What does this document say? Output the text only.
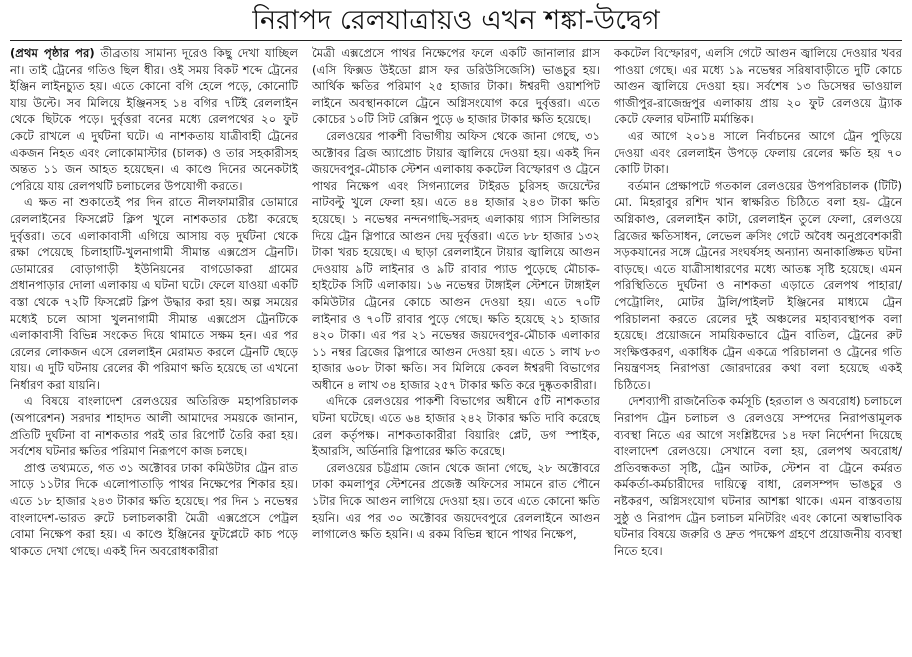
নিরাপদ রেলযাত্রায়ও এখন শঙ্কা-উদ্বেগ

(প্রথম পৃষ্ঠার পর) তীব্রতায় সামান্য দূরেও কিছু দেখা যাচ্ছিল না। তাই ট্রেনের গতিও ছিল ধীর। ওই সময় বিকট শব্দে ট্রেনের ইঞ্জিন লাইনচ্যুত হয়। এতে কোনো বগি হেলে পড়ে, কোনোটি যায় উল্টে। সব মিলিয়ে ইঞ্জিনসহ ১৪ বগির ৭টিই রেললাইন থেকে ছিটকে পড়ে। দুর্বৃত্তরা বনের মধ্যে রেলপথের ২০ ফুট কেটে রাখলে এ দুর্ঘটনা ঘটে। এ নাশকতায় যাত্রীবাহী ট্রেনের একজন নিহত এবং লোকোমাস্টার (চালক) ও তার সহকারীসহ অন্তত ১১ জন আহত হয়েছেন। এ কাণ্ডে দিনের অনেকটাই পেরিয়ে যায় রেলপথটি চলাচলের উপযোগী করতে।

এ ক্ষত না শুকাতেই পর দিন রাতে নীলফামারীর ডোমারে রেললাইনের ফিসপ্লেট ক্লিপ খুলে নাশকতার চেষ্টা করেছে দুর্বৃত্তরা। তবে এলাকাবাসী এগিয়ে আসায় বড় দুর্ঘটনা থেকে রক্ষা পেয়েছে চিলাহাটি-খুলনাগামী সীমান্ত এক্সপ্রেস ট্রেনটি। ডোমারের বোড়াগাড়ী ইউনিয়নের বাগডোকরা গ্রামের প্রধানপাড়ার দোলা এলাকায় এ ঘটনা ঘটে। ফেলে যাওয়া একটি বস্তা থেকে ৭২টি ফিসপ্লেট ক্লিপ উদ্ধার করা হয়। অল্প সময়ের মধ্যেই চলে আসা খুলনাগামী সীমান্ত এক্সপ্রেস ট্রেনটিকে এলাকাবাসী বিভিন্ন সংকেত দিয়ে থামাতে সক্ষম হন। এর পর রেলের লোকজন এসে রেললাইন মেরামত করলে ট্রেনটি ছেড়ে যায়। এ দুটি ঘটনায় রেলের কী পরিমাণ ক্ষতি হয়েছে তা এখনো নির্ধারণ করা যায়নি।

এ বিষয়ে বাংলাদেশ রেলওয়ের অতিরিক্ত মহাপরিচালক (অপারেশন) সরদার শাহাদত আলী আমাদের সময়কে জানান, প্রতিটি দুর্ঘটনা বা নাশকতার পরই তার রিপোর্ট তৈরি করা হয়। সর্বশেষ ঘটনার ক্ষতির পরিমাণ নিরূপণে কাজ চলছে।

প্রাপ্ত তথ্যমতে, গত ৩১ অক্টোবর ঢাকা কমিউটার ট্রেন রাত সাড়ে ১১টার দিকে এলোপাতাড়ি পাথর নিক্ষেপের শিকার হয়। এতে ১৮ হাজার ২৪৩ টাকার ক্ষতি হয়েছে। পর দিন ১ নভেম্বর বাংলাদেশ-ভারত রুটে চলাচলকারী মৈত্রী এক্সপ্রেসে পেট্রল বোমা নিক্ষেপ করা হয়। এ কাণ্ডে ইঞ্জিনের ফুটপ্লেটে কাচ পড়ে থাকতে দেখা গেছে। একই দিন অবরোধকারীরা

মৈত্রী এক্সপ্রেসে পাথর নিক্ষেপের ফলে একটি জানালার গ্লাস (এসি ফিক্সড উইডো গ্লাস ফর ডরিউসিজেসি) ভাঙচুর হয়। আর্থিক ক্ষতির পরিমাণ ২৫ হাজার টাকা। ঈশ্বরদী ওয়াশপিট লাইনে অবস্থানকালে ট্রেনে অগ্নিসংযোগ করে দুর্বৃত্তরা। এতে কোচের ১০টি সিট রেক্সিন পুড়ে ৬ হাজার টাকার ক্ষতি হয়েছে।

রেলওয়ের পাকশী বিভাগীয় অফিস থেকে জানা গেছে, ৩১ অক্টোবর ব্রিজ অ্যাপ্রোচ টায়ার জ্বালিয়ে দেওয়া হয়। একই দিন জয়দেবপুর-মৌচাক স্টেশন এলাকায় ককটেল বিস্ফোরণ ও ট্রেনে পাথর নিক্ষেপ এবং সিগন্যালের টাইরড চুরিসহ জয়েন্টের নাটবল্টু খুলে ফেলা হয়। এতে ৪৪ হাজার ২৪৩ টাকা ক্ষতি হয়েছে। ১ নভেম্বর নন্দনগাছি-সরদহ এলাকায় গ্যাস সিলিন্ডার দিয়ে ট্রেন স্লিপারে আগুন দেয় দুর্বৃত্তরা। এতে ৮৮ হাজার ১৩২ টাকা খরচ হয়েছে। এ ছাড়া রেললাইনে টায়ার জ্বালিয়ে আগুন দেওয়ায় ৯টি লাইনার ও ৯টি রাবার প্যাড পুড়েছে মৌচাক-হাইটেক সিটি এলাকায়। ১৬ নভেম্বর টাঙ্গাইল স্টেশনে টাঙ্গাইল কমিউটার ট্রেনের কোচে আগুন দেওয়া হয়। এতে ৭০টি লাইনার ও ৭০টি রাবার পুড়ে গেছে। ক্ষতি হয়েছে ২১ হাজার ৪২০ টাকা। এর পর ২১ নভেম্বর জয়দেবপুর-মৌচাক এলাকার ১১ নম্বর ব্রিজের স্লিপারে আগুন দেওয়া হয়। এতে ১ লাখ ৮৩ হাজার ৬০৮ টাকা ক্ষতি। সব মিলিয়ে কেবল ঈশ্বরদী বিভাগের অধীনে ৪ লাখ ৩৪ হাজার ২৫৭ টাকার ক্ষতি করে দুষ্কৃতকারীরা।

এদিকে রেলওয়ের পাকশী বিভাগের অধীনে ৫টি নাশকতার ঘটনা ঘটেছে। এতে ৬৪ হাজার ২৪২ টাকার ক্ষতি দাবি করেছে রেল কর্তৃপক্ষ। নাশকতাকারীরা বিয়ারিং প্লেট, ডগ স্পাইক, ইআরসি, অর্ডিনারি স্লিপারের ক্ষতি করেছে।

রেলওয়ের চট্টগ্রাম জোন থেকে জানা গেছে, ২৮ অক্টোবরে ঢাকা কমলাপুর স্টেশনের প্রজেক্ট অফিসের সামনে রাত পৌনে ১টার দিকে আগুন লাগিয়ে দেওয়া হয়। তবে এতে কোনো ক্ষতি হয়নি। এর পর ৩০ অক্টোবর জয়দেবপুরে রেললাইনে আগুন লাগালেও ক্ষতি হয়নি। এ রকম বিভিন্ন স্থানে পাথর নিক্ষেপ,

ককটেল বিস্ফোরণ, এলসি গেটে আগুন জ্বালিয়ে দেওয়ার খবর পাওয়া গেছে। এর মধ্যে ১৯ নভেম্বর সরিষাবাড়ীতে দুটি কোচে আগুন জ্বালিয়ে দেওয়া হয়। সর্বশেষ ১৩ ডিসেম্বর ভাওয়াল গাজীপুর-রাজেন্দ্রপুর এলাকায় প্রায় ২০ ফুট রেলওয়ে ট্র্যাক কেটে ফেলার ঘটনাটি মর্মান্তিক।

এর আগে ২০১৪ সালে নির্বাচনের আগে ট্রেন পুড়িয়ে দেওয়া এবং রেললাইন উপড়ে ফেলায় রেলের ক্ষতি হয় ৭০ কোটি টাকা।

বর্তমান প্রেক্ষাপটে গতকাল রেলওয়ের উপপরিচালক (টিটি) মো. মিহরাবুর রশিদ খান স্বাক্ষরিত চিঠিতে বলা হয়- ট্রেনে অগ্নিকাণ্ড, রেললাইন কাটা, রেললাইন তুলে ফেলা, রেলওয়ে ব্রিজের ক্ষতিসাধন, লেভেল ক্রসিং গেটে অবৈধ অনুপ্রবেশকারী সড়কযানের সঙ্গে ট্রেনের সংঘর্ষসহ অন্যান্য অনাকাঙ্ক্ষিত ঘটনা বাড়ছে। এতে যাত্রীসাধারণের মধ্যে আতঙ্ক সৃষ্টি হয়েছে। এমন পরিস্থিতিতে দুর্ঘটনা ও নাশকতা এড়াতে রেলপথ পাহারা/ পেট্রোলিং, মোটর ট্রলি/পাইলট ইঞ্জিনের মাধ্যমে ট্রেন পরিচালনা করতে রেলের দুই অঞ্চলের মহাব্যবস্থাপক বলা হয়েছে। প্রয়োজনে সাময়িকভাবে ট্রেন বাতিল, ট্রেনের রুট সংক্ষিপ্তকরণ, একাধিক ট্রেন একত্রে পরিচালনা ও ট্রেনের গতি নিয়ন্ত্রণসহ নিরাপত্তা জোরদারের কথা বলা হয়েছে একই চিঠিতে।

দেশব্যাপী রাজনৈতিক কর্মসূচি (হরতাল ও অবরোধ) চলাচলে নিরাপদ ট্রেন চলাচল ও রেলওয়ে সম্পদের নিরাপত্তামূলক ব্যবস্থা নিতে এর আগে সংশ্লিষ্টদের ১৪ দফা নির্দেশনা দিয়েছে বাংলাদেশ রেলওয়ে। সেখানে বলা হয়, রেলপথ অবরোধ/প্রতিবন্ধকতা সৃষ্টি, ট্রেন আটক, স্টেশন বা ট্রেনে কর্মরত কর্মকর্তা-কর্মচারীদের দায়িত্বে বাধা, রেলসম্পদ ভাঙচুর ও নষ্টকরণ, অগ্নিসংযোগ ঘটনার আশঙ্কা থাকে। এমন বাস্তবতায় সুষ্ঠু ও নিরাপদ ট্রেন চলাচল মনিটরিং এবং কোনো অস্বাভাবিক ঘটনার বিষয়ে জরুরি ও দ্রুত পদক্ষেপ গ্রহণে প্রয়োজনীয় ব্যবস্থা নিতে হবে।
